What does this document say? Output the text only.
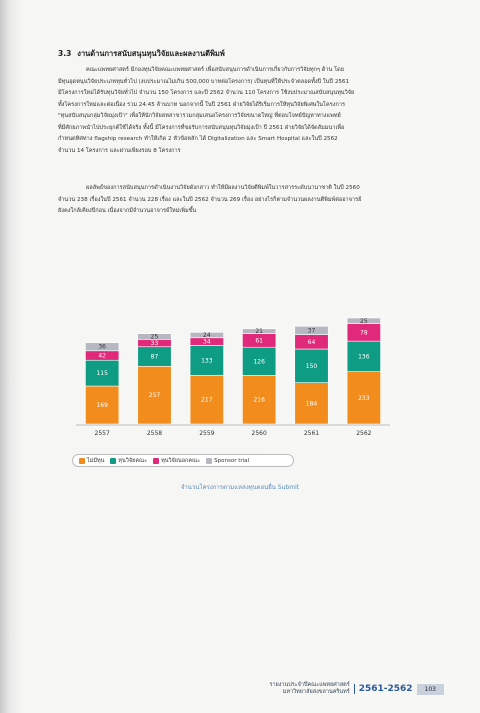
3.3 งานด้านการสนับสนุนทุนวิจัยและผลงานตีพิมพ์
คณะแพทยศาสตร์ มีกองทุนวิจัยคณะแพทยศาสตร์ เพื่อสนับสนุนการดำเนินการเกี่ยวกับการวิจัยทุกๆ ด้าน โดย
มีทุนอุดหนุนวิจัยประเภททุนทั่วไป (งบประมาณไม่เกิน 500,000 บาทต่อโครงการ) เป็นทุนที่ให้ประจำตลอดทั้งปี ในปี 2561
มีโครงการใหม่ได้รับทุนวิจัยทั่วไป จำนวน 150 โครงการ และปี 2562 จำนวน 110 โครงการ ใช้งบประมาณสนับสนุนทุนวิจัย
ทั้งโครงการใหม่และต่อเนื่อง รวม 24.45 ล้านบาท นอกจากนี้ ในปี 2561 ฝ่ายวิจัยได้ริเริ่มการให้ทุนวิจัยพิเศษในโครงการ
"ทุนสนับสนุนกลุ่มวิจัยมุ่งเป้า" เพื่อให้นักวิจัยสหสาขารวมกลุ่มเสนอโครงการวิจัยขนาดใหญ่ ที่ตอบโจทย์ปัญหาทางแพทย์
ที่มีศักยภาพนำไปประยุกต์ใช้ได้จริง ทั้งนี้ มีโครงการที่ขอรับการสนับสนุนทุนวิจัยมุ่งเป้า ปี 2561 ฝ่ายวิจัยได้จัดสัมมนาเพื่อ
กำหนดทิศทาง flagship research ทำให้เกิด 2 หัวข้อหลัก ได้ Digitalization และ Smart Hospital และในปี 2562
จำนวน 14 โครงการ และผ่านเพียงรอบ 8 โครงการ
ผลลัพธ์ของการสนับสนุนการดำเนินงานวิจัยดังกล่าว ทำให้มีผลงานวิจัยตีพิมพ์ในวารสารระดับนานาชาติ ในปี 2560
จำนวน 238 เรื่องในปี 2561 จำนวน 228 เรื่อง และในปี 2562 จำนวน 269 เรื่อง อย่างไรก็ตามจำนวนผลงานตีพิมพ์ต่ออาจารย์
ยังคงใกล้เคียงปีก่อน เนื่องจากมีจำนวนอาจารย์ใหม่เพิ่มขึ้น
169
115
42
36
2557
257
87
33
25
2558
217
133
34
24
2559
216
126
61
21
2560
184
150
64
37
2561
233
136
78
25
2562
ไม่มีทุน	ทุนวิจัยคณะ	ทุนวิจัยนอกคณะ	Sponsor trial
จำนวนโครงการตามแหล่งทุนตอนยื่น Submit
รายงานประจำปีคณะแพทยศาสตร์
มหาวิทยาลัยสงขลานครินทร์	2561-2562	103
